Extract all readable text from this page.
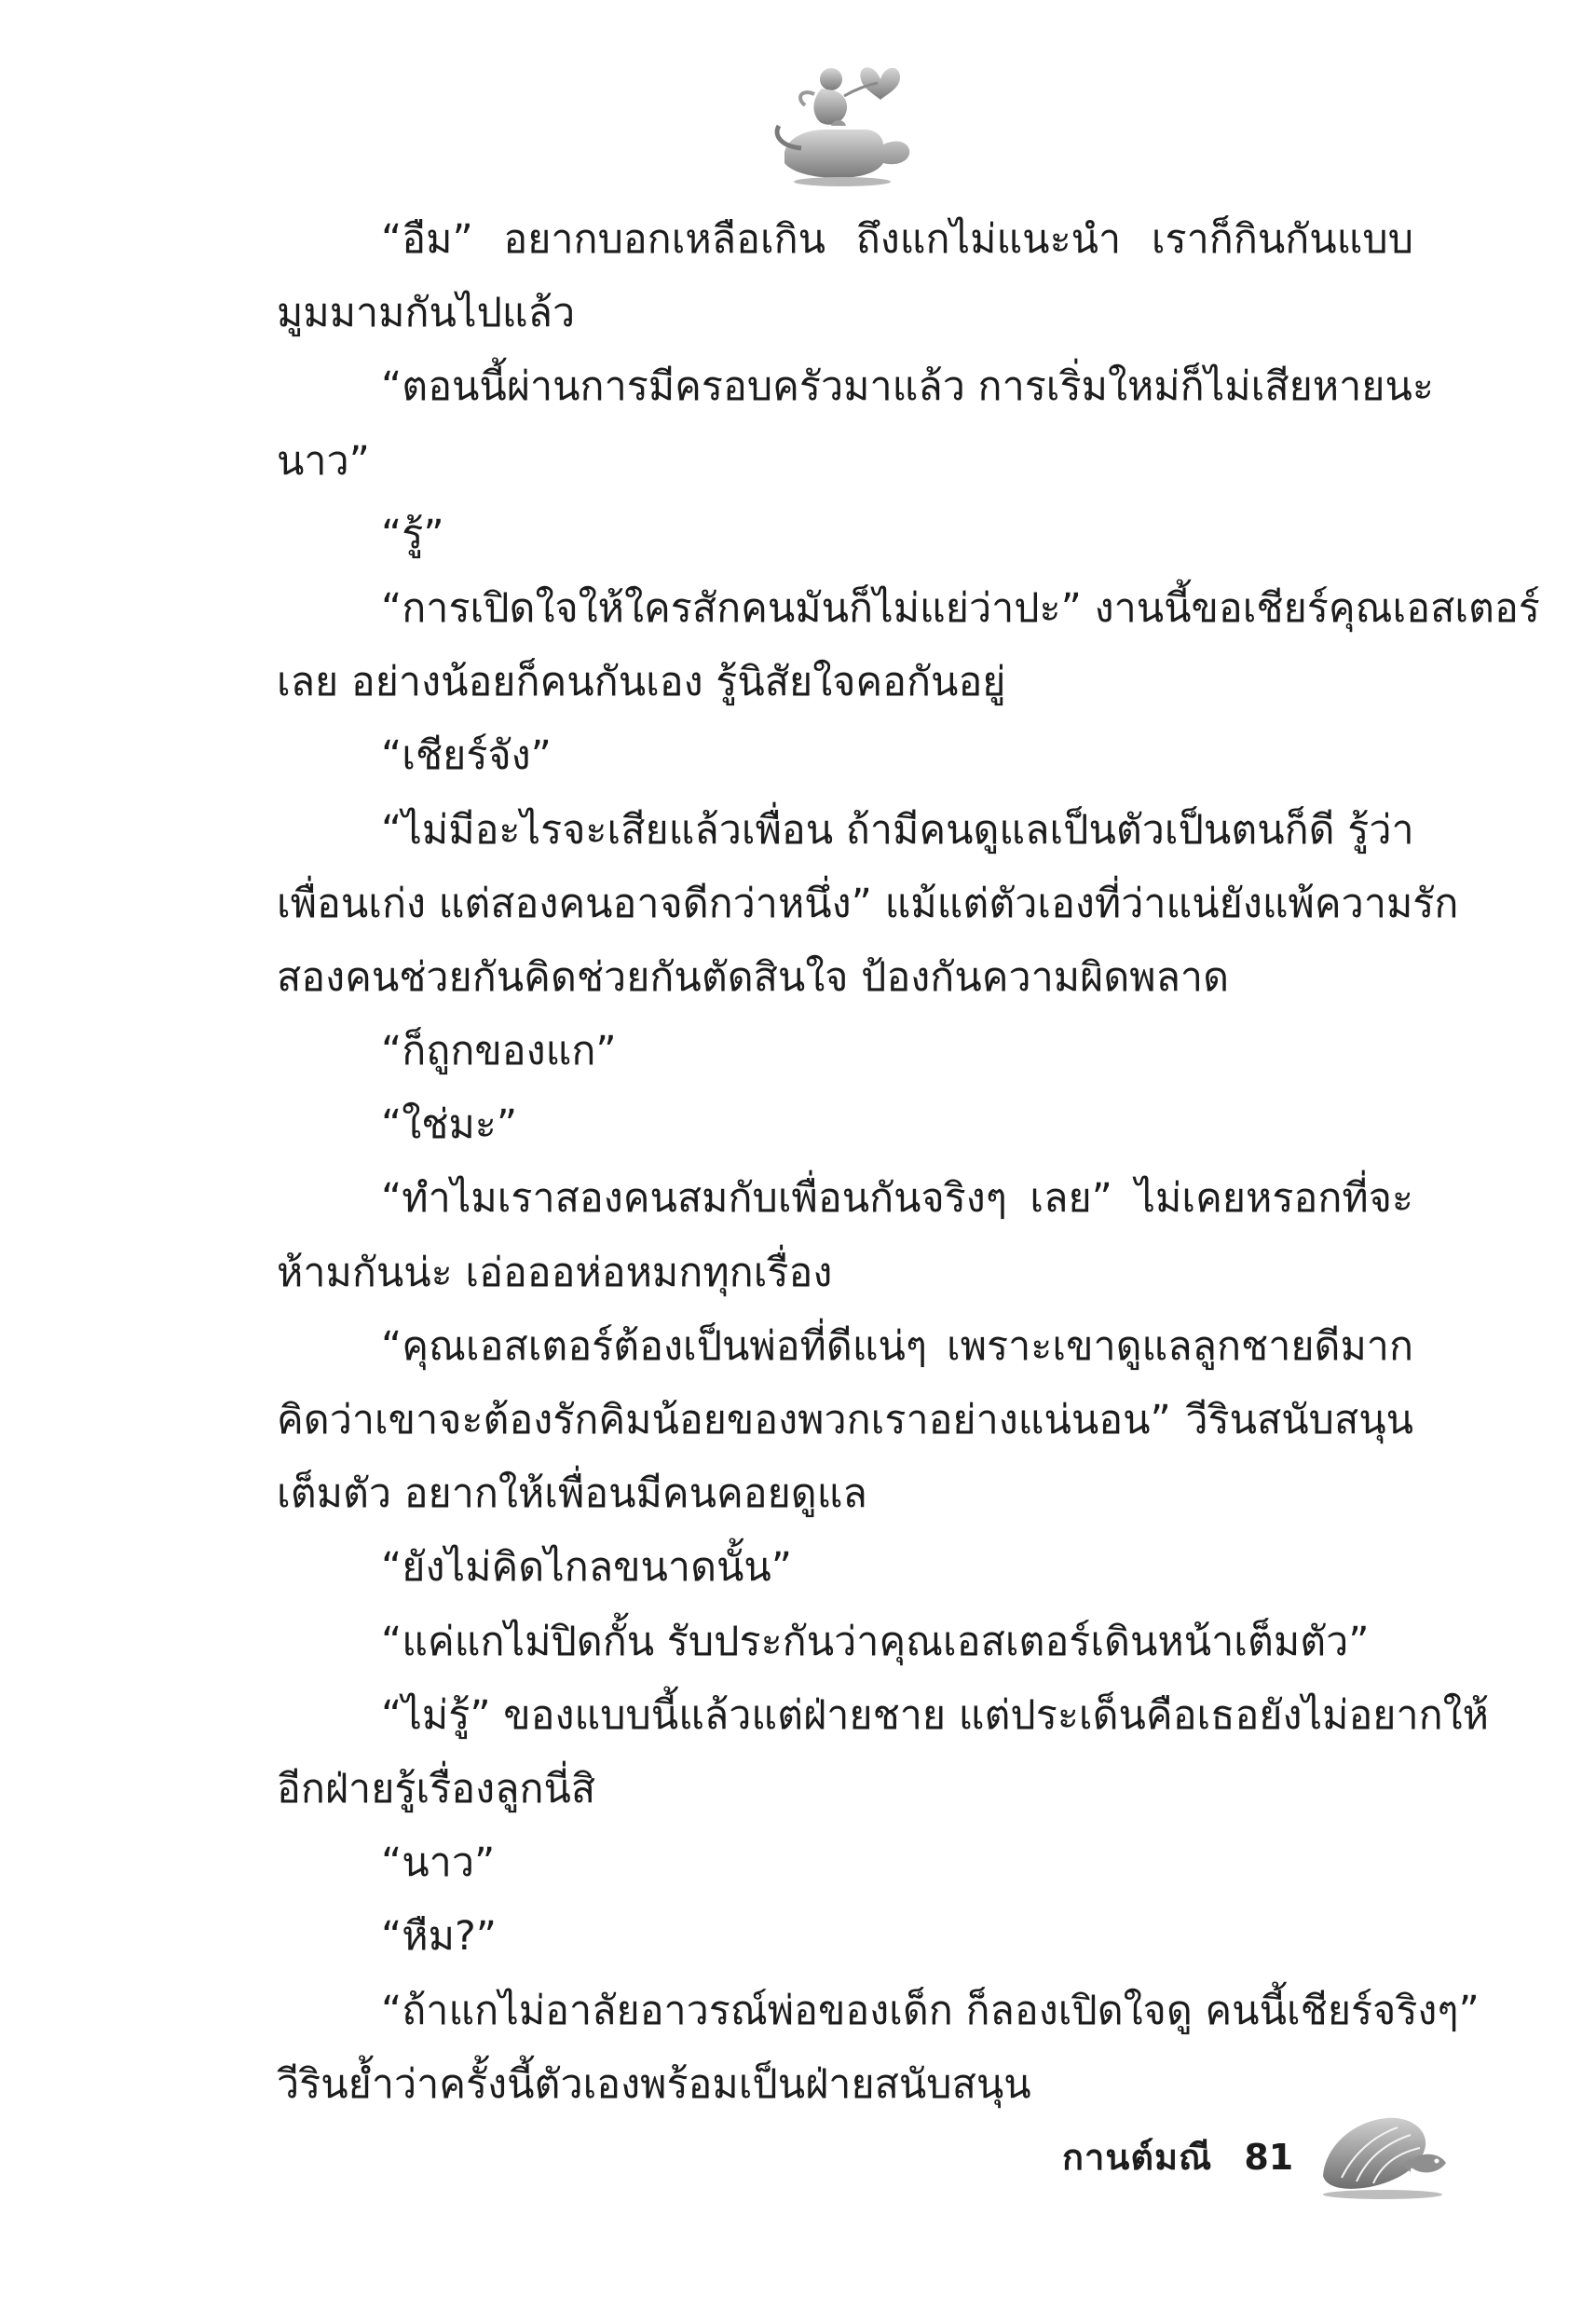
“อืม” อยากบอกเหลือเกิน ถึงแกไม่แนะนำ เราก็กินกันแบบ
มูมมามกันไปแล้ว
“ตอนนี้ผ่านการมีครอบครัวมาแล้ว การเริ่มใหม่ก็ไม่เสียหายนะ
นาว”
“รู้”
“การเปิดใจให้ใครสักคนมันก็ไม่แย่ว่าปะ” งานนี้ขอเชียร์คุณเอสเตอร์
เลย อย่างน้อยก็คนกันเอง รู้นิสัยใจคอกันอยู่
“เชียร์จัง”
“ไม่มีอะไรจะเสียแล้วเพื่อน ถ้ามีคนดูแลเป็นตัวเป็นตนก็ดี รู้ว่า
เพื่อนเก่ง แต่สองคนอาจดีกว่าหนึ่ง” แม้แต่ตัวเองที่ว่าแน่ยังแพ้ความรัก
สองคนช่วยกันคิดช่วยกันตัดสินใจ ป้องกันความผิดพลาด
“ก็ถูกของแก”
“ใช่มะ”
“ทำไมเราสองคนสมกับเพื่อนกันจริงๆ เลย” ไม่เคยหรอกที่จะ
ห้ามกันน่ะ เอ่อออห่อหมกทุกเรื่อง
“คุณเอสเตอร์ต้องเป็นพ่อที่ดีแน่ๆ เพราะเขาดูแลลูกชายดีมาก
คิดว่าเขาจะต้องรักคิมน้อยของพวกเราอย่างแน่นอน” วีรินสนับสนุน
เต็มตัว อยากให้เพื่อนมีคนคอยดูแล
“ยังไม่คิดไกลขนาดนั้น”
“แค่แกไม่ปิดกั้น รับประกันว่าคุณเอสเตอร์เดินหน้าเต็มตัว”
“ไม่รู้” ของแบบนี้แล้วแต่ฝ่ายชาย แต่ประเด็นคือเธอยังไม่อยากให้
อีกฝ่ายรู้เรื่องลูกนี่สิ
“นาว”
“หืม?”
“ถ้าแกไม่อาลัยอาวรณ์พ่อของเด็ก ก็ลองเปิดใจดู คนนี้เชียร์จริงๆ”
วีรินย้ำว่าครั้งนี้ตัวเองพร้อมเป็นฝ่ายสนับสนุน
กานต์มณี 81
